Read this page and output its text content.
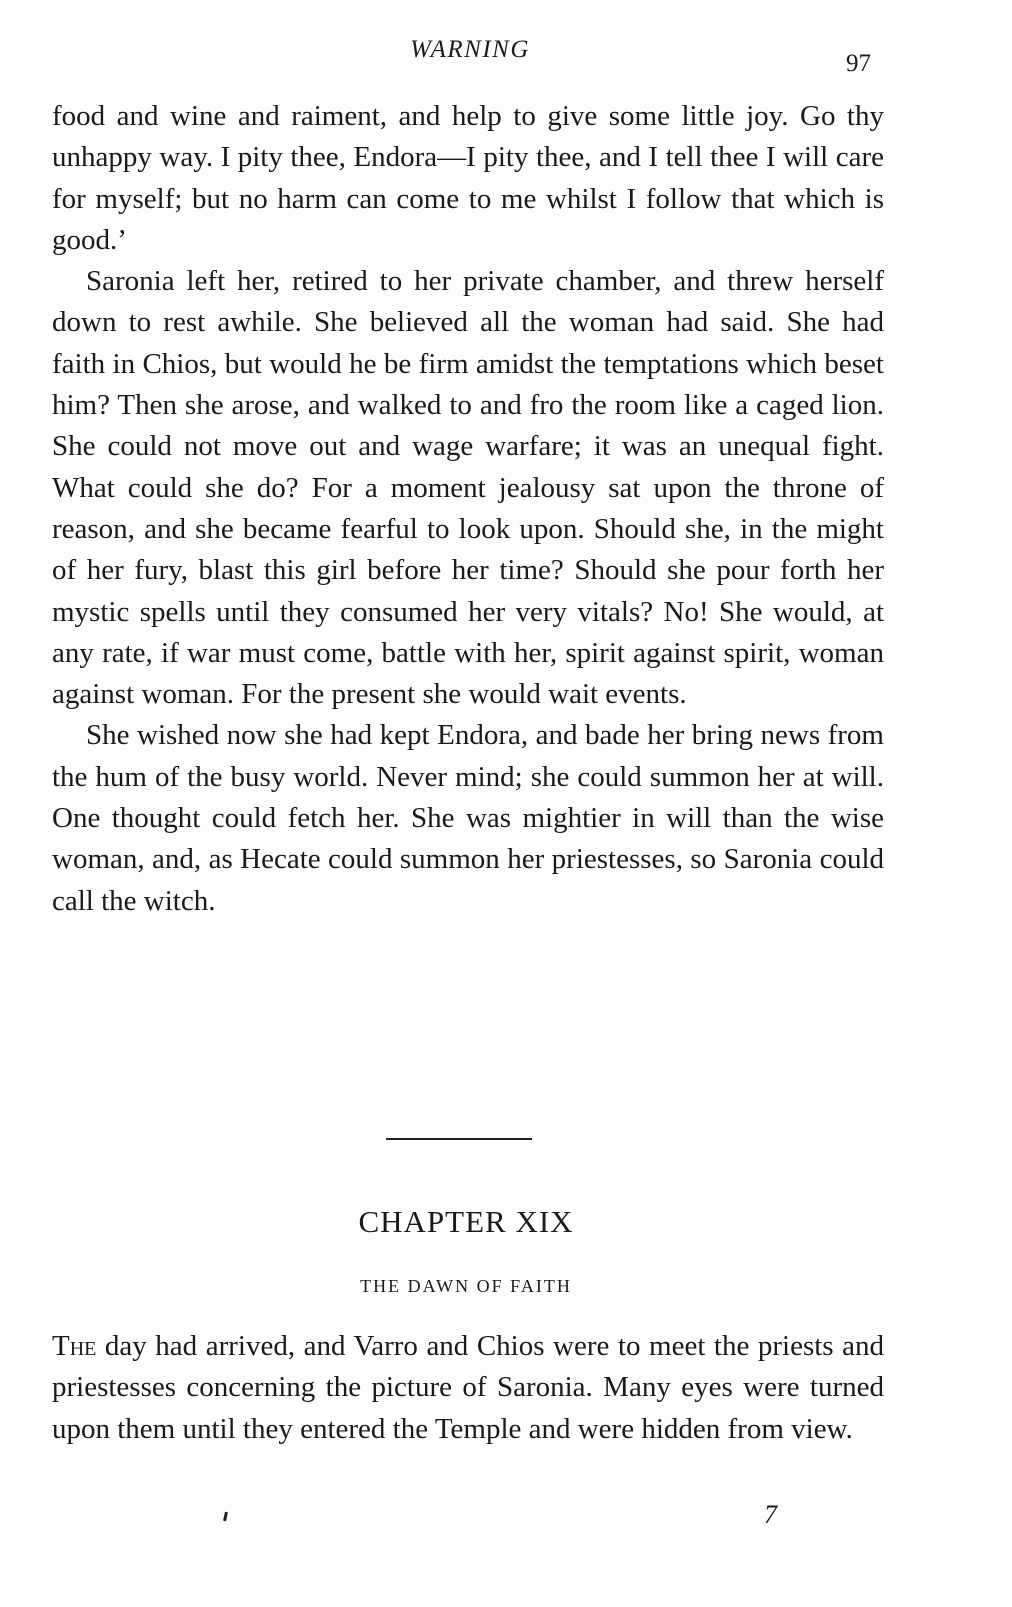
WARNING
97

food and wine and raiment, and help to give some little joy. Go thy unhappy way. I pity thee, Endora—I pity thee, and I tell thee I will care for myself; but no harm can come to me whilst I follow that which is good.’

Saronia left her, retired to her private chamber, and threw herself down to rest awhile. She believed all the woman had said. She had faith in Chios, but would he be firm amidst the temptations which beset him? Then she arose, and walked to and fro the room like a caged lion. She could not move out and wage warfare; it was an unequal fight. What could she do? For a moment jealousy sat upon the throne of reason, and she became fearful to look upon. Should she, in the might of her fury, blast this girl before her time? Should she pour forth her mystic spells until they consumed her very vitals? No! She would, at any rate, if war must come, battle with her, spirit against spirit, woman against woman. For the present she would wait events.

She wished now she had kept Endora, and bade her bring news from the hum of the busy world. Never mind; she could summon her at will. One thought could fetch her. She was mightier in will than the wise woman, and, as Hecate could summon her priestesses, so Saronia could call the witch.

CHAPTER XIX
THE DAWN OF FAITH

The day had arrived, and Varro and Chios were to meet the priests and priestesses concerning the picture of Saronia. Many eyes were turned upon them until they entered the Temple and were hidden from view.

7
